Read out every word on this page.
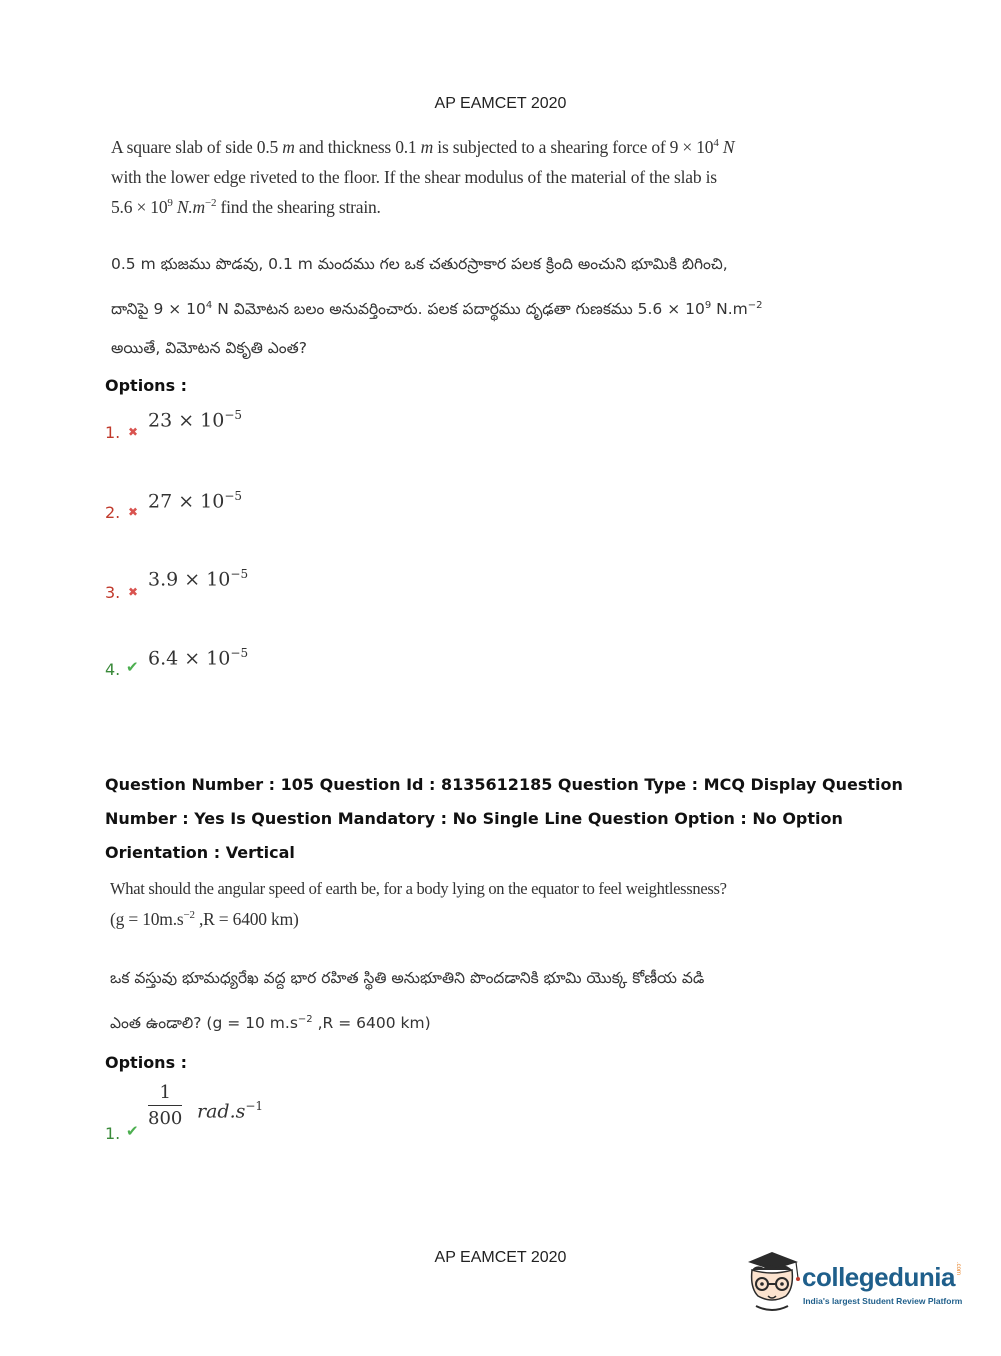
AP EAMCET 2020
A square slab of side 0.5 m and thickness 0.1 m is subjected to a shearing force of $9 \times 10^4$ N
with the lower edge riveted to the floor. If the shear modulus of the material of the slab is
$5.6 \times 10^9$ $N.m^{-2}$ find the shearing strain.
0.5 m భుజము పొడవు, 0.1 m మందము గల ఒక చతురస్రాకార పలక క్రింది అంచుని భూమికి బిగించి,
దానిపై $9 \times 10^4$ N విమోటన బలం అనువర్తించారు. పలక పదార్థము దృఢతా గుణకము $5.6 \times 10^9$ $N.m^{-2}$
అయితే, విమోటన వికృతి ఎంత?
Options :
1. ✖
$23 \times 10^{-5}$
2. ✖ $27 \times 10^{-5}$
3. ✖
$3.9 \times 10^{-5}$
4. ✔ $6.4 \times 10^{-5}$
Question Number : 105 Question Id : 8135612185 Question Type : MCQ Display Question
Number : Yes Is Question Mandatory : No Single Line Question Option : No Option
Orientation : Vertical
What should the angular speed of earth be, for a body lying on the equator to feel weightlessness?
($g = 10m.s^{-2}$ ,R = 6400 km)
ఒక వస్తువు భూమధ్యరేఖ వద్ద భార రహిత స్థితి అనుభూతిని పొందడానికి భూమి యొక్క కోణీయ వడి
ఎంత ఉండాలి? (g = 10 $m.s^{-2}$ ,R = 6400 km)
Options :
1. ✔
$\frac{1}{800} rad.s^{-1}$
AP EAMCET 2020
collegedunia.com
India's largest Student Review Platform
